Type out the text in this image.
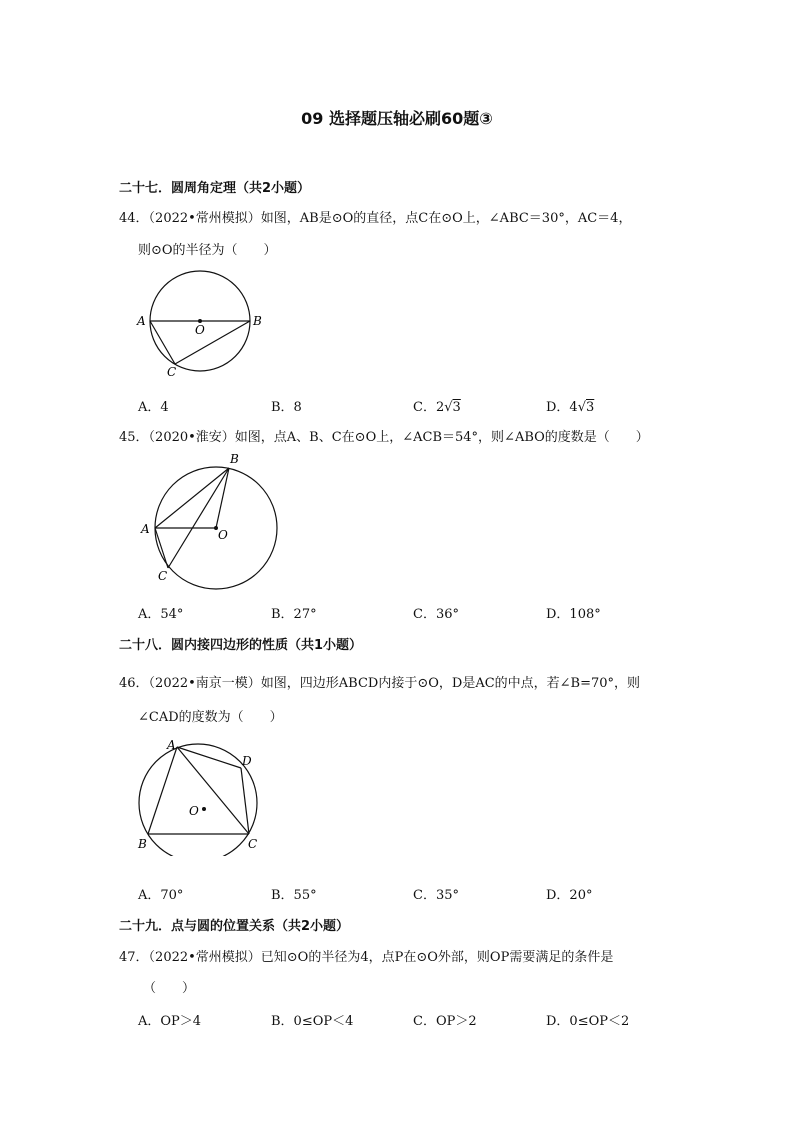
09 选择题压轴必刷60题③
二十七．圆周角定理（共2小题）
44．（2022•常州模拟）如图，AB是⊙O的直径，点C在⊙O上，∠ABC＝30°，AC＝4，
则⊙O的半径为（　　）
A	B
C
O
A．4	B．8	C．2√3	D．4√3
45．（2020•淮安）如图，点A、B、C在⊙O上，∠ACB＝54°，则∠ABO的度数是（　　）
A
B
C
O
A．54°	B．27°	C．36°	D．108°
二十八．圆内接四边形的性质（共1小题）
46．（2022•南京一模）如图，四边形ABCD内接于⊙O，D是AC的中点，若∠B=70°，则
∠CAD的度数为（　　）
A
B	C
D
O
A．70°	B．55°	C．35°	D．20°
二十九．点与圆的位置关系（共2小题）
47．（2022•常州模拟）已知⊙O的半径为4，点P在⊙O外部，则OP需要满足的条件是
（　　）
A．OP＞4	B．0≤OP＜4	C．OP＞2	D．0≤OP＜2
